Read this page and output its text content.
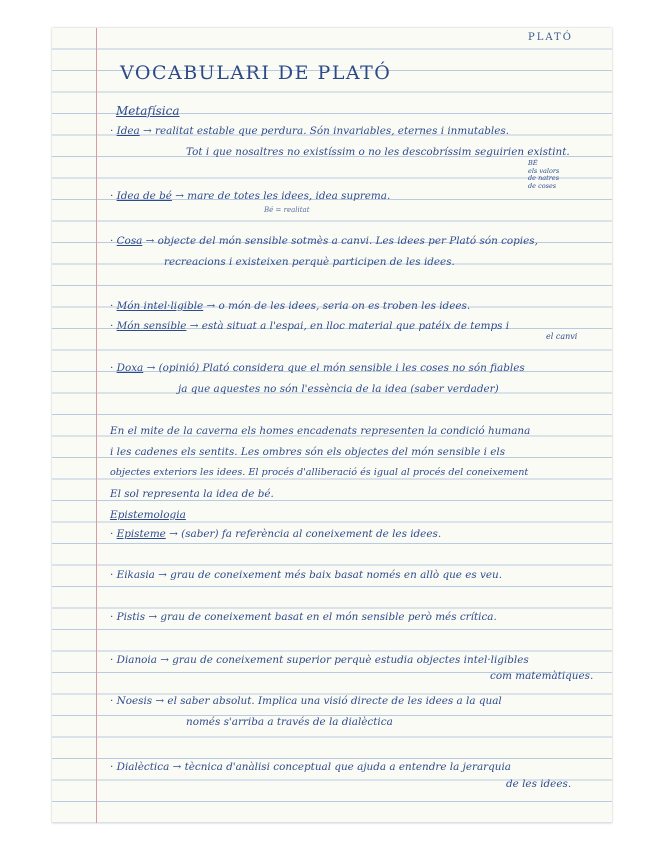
PLATÓ
VOCABULARI DE PLATÓ
Metafísica
· Idea → realitat estable que perdura. Són invariables, eternes i inmutables.
Tot i que nosaltres no existíssim o no les descobríssim seguirien existint.
· Idea de bé → mare de totes les idees, idea suprema.
Bé = realitat
BÉ
els valors
de natres
de coses
· Cosa → objecte del món sensible sotmès a canvi. Les idees per Plató són copies,
recreacions i existeixen perquè participen de les idees.
· Món intel·ligible → o món de les idees, seria on es troben les idees.
· Món sensible → està situat a l'espai, en lloc material que patéix de temps i
el canvi
· Doxa → (opinió) Plató considera que el món sensible i les coses no són fiables
ja que aquestes no són l'essència de la idea (saber verdader)
En el mite de la caverna els homes encadenats representen la condició humana
i les cadenes els sentits. Les ombres són els objectes del món sensible i els
objectes exteriors les idees. El procés d'alliberació és igual al procés del coneixement
El sol representa la idea de bé.
Epistemologia
· Episteme → (saber) fa referència al coneixement de les idees.
· Eikasia → grau de coneixement més baix basat només en allò que es veu.
· Pistis → grau de coneixement basat en el món sensible però més crítica.
· Dianoia → grau de coneixement superior perquè estudia objectes intel·ligibles
com matemàtiques.
· Noesis → el saber absolut. Implica una visió directe de les idees a la qual
només s'arriba a través de la dialèctica
· Dialèctica → tècnica d'anàlisi conceptual que ajuda a entendre la jerarquia
de les idees.
